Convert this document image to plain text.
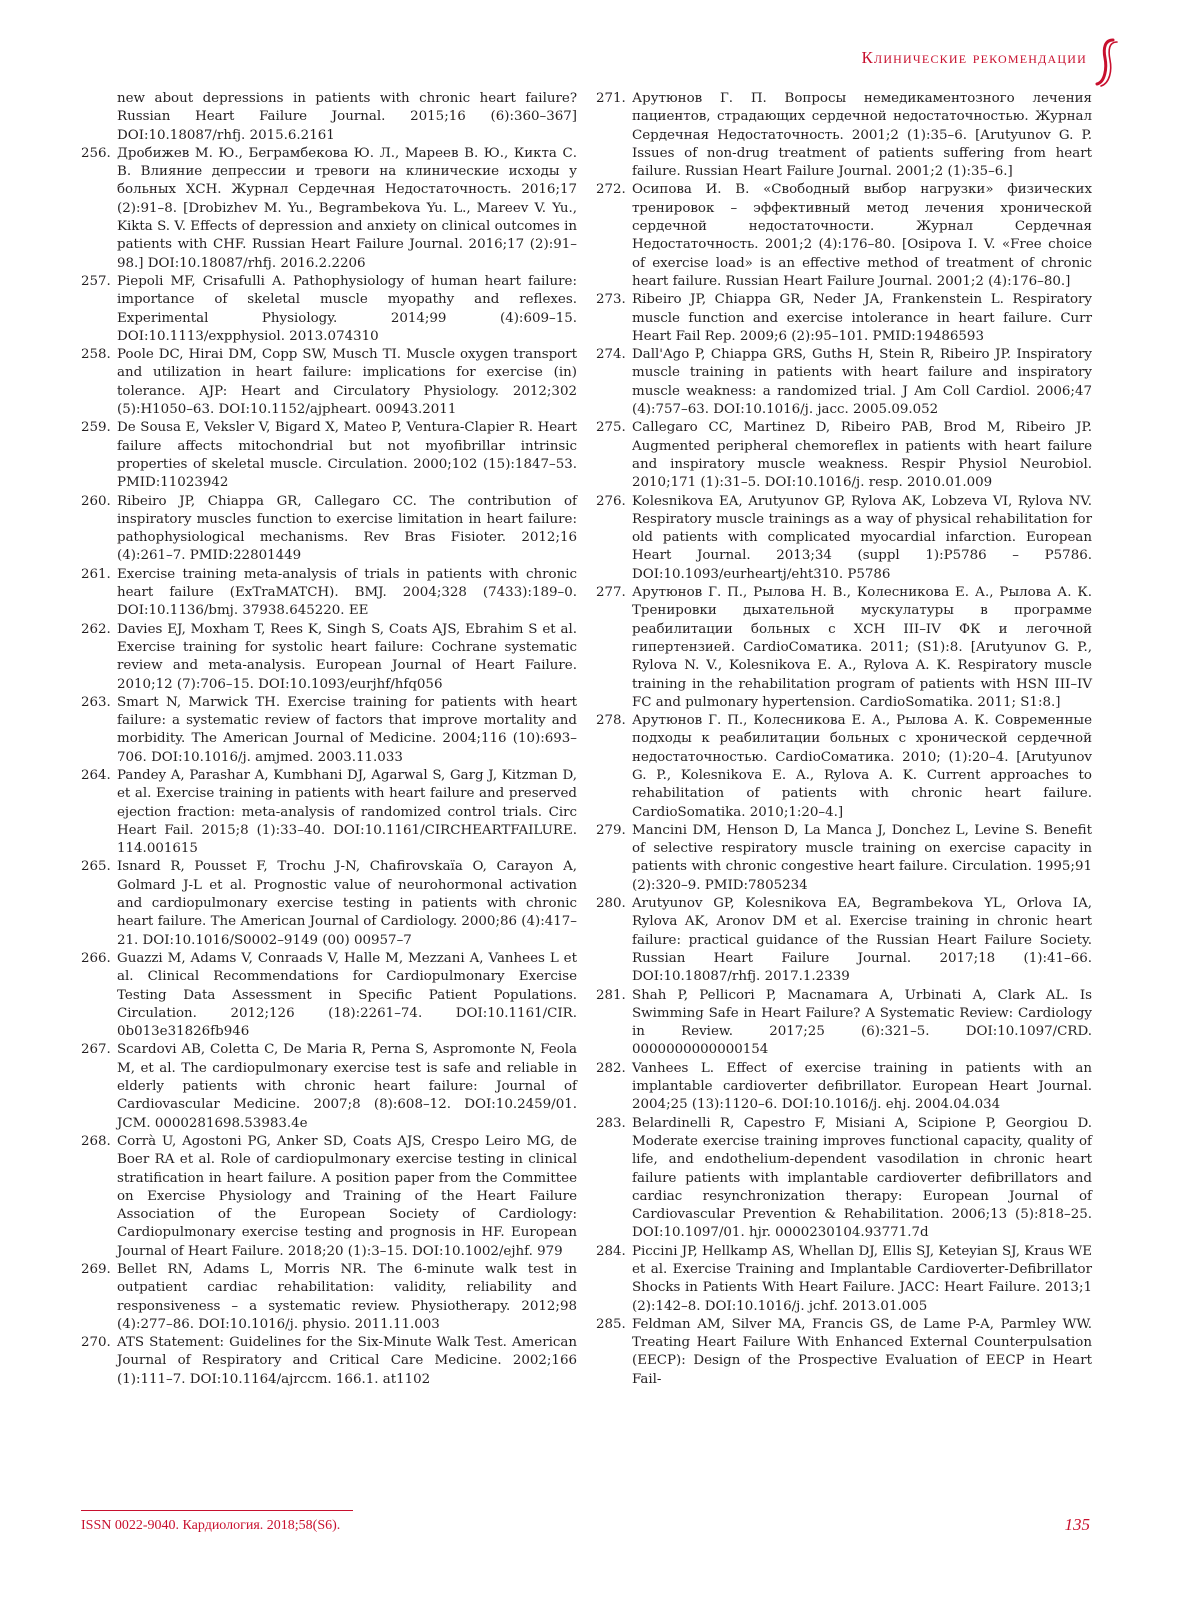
Клинические рекомендации
new about depressions in patients with chronic heart failure? Russian Heart Failure Journal. 2015;16 (6):360–367] DOI:10.18087/rhfj. 2015.6.2161
256. Дробижев М. Ю., Беграмбекова Ю. Л., Мареев В. Ю., Кикта С. В. Влияние депрессии и тревоги на клинические исходы у больных ХСН. Журнал Сердечная Недостаточность. 2016;17 (2):91–8. [Drobizhev M. Yu., Begrambekova Yu. L., Mareev V. Yu., Kikta S. V. Effects of depression and anxiety on clinical outcomes in patients with CHF. Russian Heart Failure Journal. 2016;17 (2):91–98.] DOI:10.18087/rhfj. 2016.2.2206
257. Piepoli MF, Crisafulli A. Pathophysiology of human heart failure: importance of skeletal muscle myopathy and reflexes. Experimental Physiology. 2014;99 (4):609–15. DOI:10.1113/expphysiol. 2013.074310
258. Poole DC, Hirai DM, Copp SW, Musch TI. Muscle oxygen transport and utilization in heart failure: implications for exercise (in) tolerance. AJP: Heart and Circulatory Physiology. 2012;302 (5):H1050–63. DOI:10.1152/ajpheart. 00943.2011
259. De Sousa E, Veksler V, Bigard X, Mateo P, Ventura-Clapier R. Heart failure affects mitochondrial but not myofibrillar intrinsic properties of skeletal muscle. Circulation. 2000;102 (15):1847–53. PMID:11023942
260. Ribeiro JP, Chiappa GR, Callegaro CC. The contribution of inspiratory muscles function to exercise limitation in heart failure: pathophysiological mechanisms. Rev Bras Fisioter. 2012;16 (4):261–7. PMID:22801449
261. Exercise training meta-analysis of trials in patients with chronic heart failure (ExTraMATCH). BMJ. 2004;328 (7433):189–0. DOI:10.1136/bmj. 37938.645220. EE
262. Davies EJ, Moxham T, Rees K, Singh S, Coats AJS, Ebrahim S et al. Exercise training for systolic heart failure: Cochrane systematic review and meta-analysis. European Journal of Heart Failure. 2010;12 (7):706–15. DOI:10.1093/eurjhf/hfq056
263. Smart N, Marwick TH. Exercise training for patients with heart failure: a systematic review of factors that improve mortality and morbidity. The American Journal of Medicine. 2004;116 (10):693–706. DOI:10.1016/j. amjmed. 2003.11.033
264. Pandey A, Parashar A, Kumbhani DJ, Agarwal S, Garg J, Kitzman D, et al. Exercise training in patients with heart failure and preserved ejection fraction: meta-analysis of randomized control trials. Circ Heart Fail. 2015;8 (1):33–40. DOI:10.1161/CIRCHEARTFAILURE. 114.001615
265. Isnard R, Pousset F, Trochu J-N, Chafirovskaïa O, Carayon A, Golmard J-L et al. Prognostic value of neurohormonal activation and cardiopulmonary exercise testing in patients with chronic heart failure. The American Journal of Cardiology. 2000;86 (4):417–21. DOI:10.1016/S0002–9149 (00) 00957–7
266. Guazzi M, Adams V, Conraads V, Halle M, Mezzani A, Vanhees L et al. Clinical Recommendations for Cardiopulmonary Exercise Testing Data Assessment in Specific Patient Populations. Circulation. 2012;126 (18):2261–74. DOI:10.1161/CIR. 0b013e31826fb946
267. Scardovi AB, Coletta C, De Maria R, Perna S, Aspromonte N, Feola M, et al. The cardiopulmonary exercise test is safe and reliable in elderly patients with chronic heart failure: Journal of Cardiovascular Medicine. 2007;8 (8):608–12. DOI:10.2459/01. JCM. 0000281698.53983.4e
268. Corrà U, Agostoni PG, Anker SD, Coats AJS, Crespo Leiro MG, de Boer RA et al. Role of cardiopulmonary exercise testing in clinical stratification in heart failure. A position paper from the Committee on Exercise Physiology and Training of the Heart Failure Association of the European Society of Cardiology: Cardiopulmonary exercise testing and prognosis in HF. European Journal of Heart Failure. 2018;20 (1):3–15. DOI:10.1002/ejhf. 979
269. Bellet RN, Adams L, Morris NR. The 6-minute walk test in outpatient cardiac rehabilitation: validity, reliability and responsiveness – a systematic review. Physiotherapy. 2012;98 (4):277–86. DOI:10.1016/j. physio. 2011.11.003
270. ATS Statement: Guidelines for the Six-Minute Walk Test. American Journal of Respiratory and Critical Care Medicine. 2002;166 (1):111–7. DOI:10.1164/ajrccm. 166.1. at1102
271. Арутюнов Г. П. Вопросы немедикаментозного лечения пациентов, страдающих сердечной недостаточностью. Журнал Сердечная Недостаточность. 2001;2 (1):35–6. [Arutyunov G. P. Issues of non-drug treatment of patients suffering from heart failure. Russian Heart Failure Journal. 2001;2 (1):35–6.]
272. Осипова И. В. «Свободный выбор нагрузки» физических тренировок – эффективный метод лечения хронической сердечной недостаточности. Журнал Сердечная Недостаточность. 2001;2 (4):176–80. [Osipova I. V. «Free choice of exercise load» is an effective method of treatment of chronic heart failure. Russian Heart Failure Journal. 2001;2 (4):176–80.]
273. Ribeiro JP, Chiappa GR, Neder JA, Frankenstein L. Respiratory muscle function and exercise intolerance in heart failure. Curr Heart Fail Rep. 2009;6 (2):95–101. PMID:19486593
274. Dall'Ago P, Chiappa GRS, Guths H, Stein R, Ribeiro JP. Inspiratory muscle training in patients with heart failure and inspiratory muscle weakness: a randomized trial. J Am Coll Cardiol. 2006;47 (4):757–63. DOI:10.1016/j. jacc. 2005.09.052
275. Callegaro CC, Martinez D, Ribeiro PAB, Brod M, Ribeiro JP. Augmented peripheral chemoreflex in patients with heart failure and inspiratory muscle weakness. Respir Physiol Neurobiol. 2010;171 (1):31–5. DOI:10.1016/j. resp. 2010.01.009
276. Kolesnikova EA, Arutyunov GP, Rylova AK, Lobzeva VI, Rylova NV. Respiratory muscle trainings as a way of physical rehabilitation for old patients with complicated myocardial infarction. European Heart Journal. 2013;34 (suppl 1):P5786 – P5786. DOI:10.1093/eurheartj/eht310. P5786
277. Арутюнов Г. П., Рылова Н. В., Колесникова Е. А., Рылова А. К. Тренировки дыхательной мускулатуры в программе реабилитации больных с ХСН III–IV ФК и легочной гипертензией. CardioСоматика. 2011; (S1):8. [Arutyunov G. P., Rylova N. V., Kolesnikova E. A., Rylova A. K. Respiratory muscle training in the rehabilitation program of patients with HSN III–IV FC and pulmonary hypertension. CardioSomatika. 2011; S1:8.]
278. Арутюнов Г. П., Колесникова Е. А., Рылова А. К. Современные подходы к реабилитации больных с хронической сердечной недостаточностью. CardioСоматика. 2010; (1):20–4. [Arutyunov G. P., Kolesnikova E. A., Rylova A. K. Current approaches to rehabilitation of patients with chronic heart failure. CardioSomatika. 2010;1:20–4.]
279. Mancini DM, Henson D, La Manca J, Donchez L, Levine S. Benefit of selective respiratory muscle training on exercise capacity in patients with chronic congestive heart failure. Circulation. 1995;91 (2):320–9. PMID:7805234
280. Arutyunov GP, Kolesnikova EA, Begrambekova YL, Orlova IA, Rylova AK, Aronov DM et al. Exercise training in chronic heart failure: practical guidance of the Russian Heart Failure Society. Russian Heart Failure Journal. 2017;18 (1):41–66. DOI:10.18087/rhfj. 2017.1.2339
281. Shah P, Pellicori P, Macnamara A, Urbinati A, Clark AL. Is Swimming Safe in Heart Failure? A Systematic Review: Cardiology in Review. 2017;25 (6):321–5. DOI:10.1097/CRD. 0000000000000154
282. Vanhees L. Effect of exercise training in patients with an implantable cardioverter defibrillator. European Heart Journal. 2004;25 (13):1120–6. DOI:10.1016/j. ehj. 2004.04.034
283. Belardinelli R, Capestro F, Misiani A, Scipione P, Georgiou D. Moderate exercise training improves functional capacity, quality of life, and endothelium-dependent vasodilation in chronic heart failure patients with implantable cardioverter defibrillators and cardiac resynchronization therapy: European Journal of Cardiovascular Prevention & Rehabilitation. 2006;13 (5):818–25. DOI:10.1097/01. hjr. 0000230104.93771.7d
284. Piccini JP, Hellkamp AS, Whellan DJ, Ellis SJ, Keteyian SJ, Kraus WE et al. Exercise Training and Implantable Cardioverter-Defibrillator Shocks in Patients With Heart Failure. JACC: Heart Failure. 2013;1 (2):142–8. DOI:10.1016/j. jchf. 2013.01.005
285. Feldman AM, Silver MA, Francis GS, de Lame P-A, Parmley WW. Treating Heart Failure With Enhanced External Counterpulsation (EECP): Design of the Prospective Evaluation of EECP in Heart Fail-
ISSN 0022-9040. Кардиология. 2018;58(S6).	135
